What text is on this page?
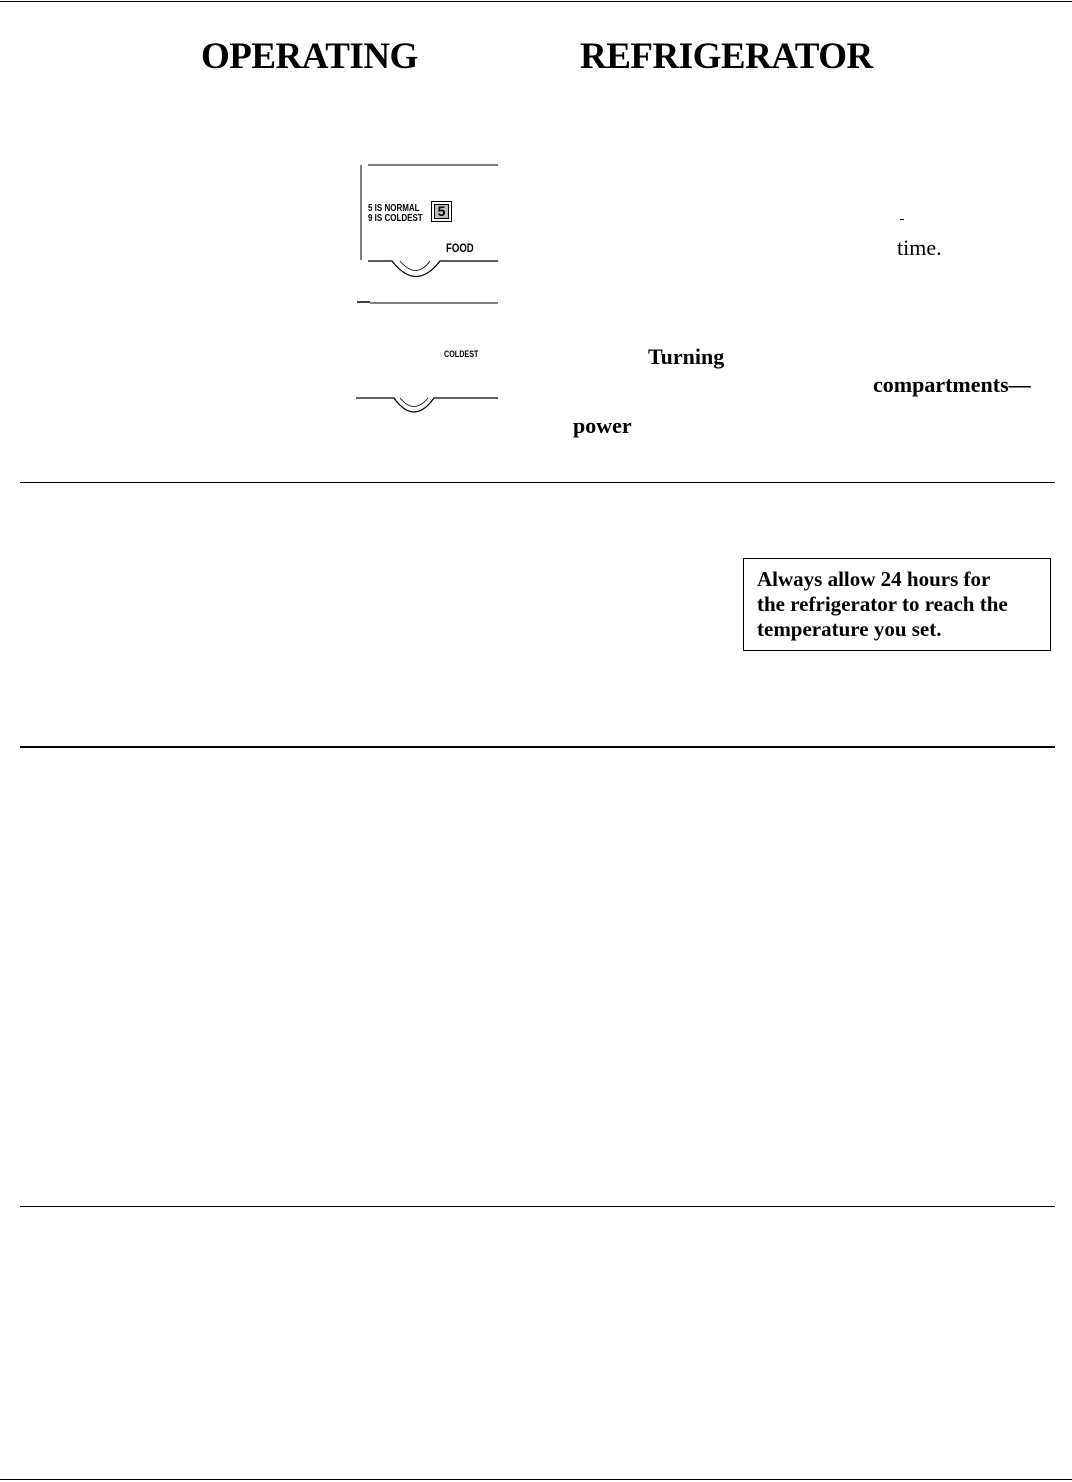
OPERATING	REFRIGERATOR
5 IS NORMAL
9 IS COLDEST 5
FOOD
COLDEST
time.
Turning
compartments—
power
Always allow 24 hours for
the refrigerator to reach the
temperature you set.
